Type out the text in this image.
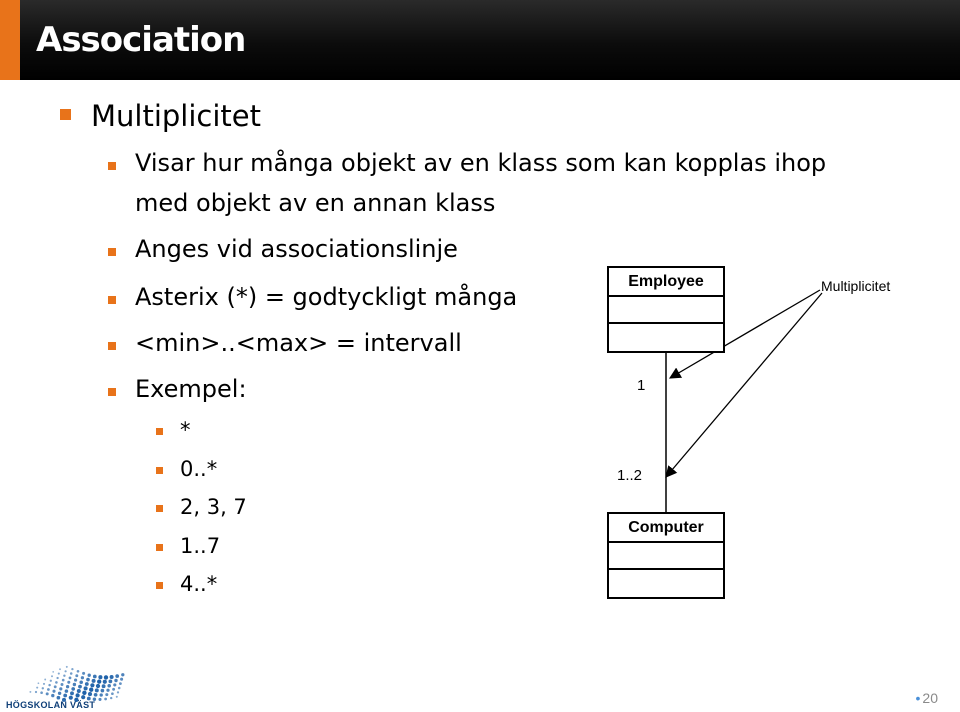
Association
Multiplicitet
Visar hur många objekt av en klass som kan kopplas ihop
med objekt av en annan klass
Anges vid associationslinje
Asterix (*) = godtyckligt många
<min>..<max> = intervall
Exempel:
*
0..*
2, 3, 7
1..7
4..*
Employee
Computer
1
1..2
Multiplicitet
HÖGSKOLAN VÄST	• 20
